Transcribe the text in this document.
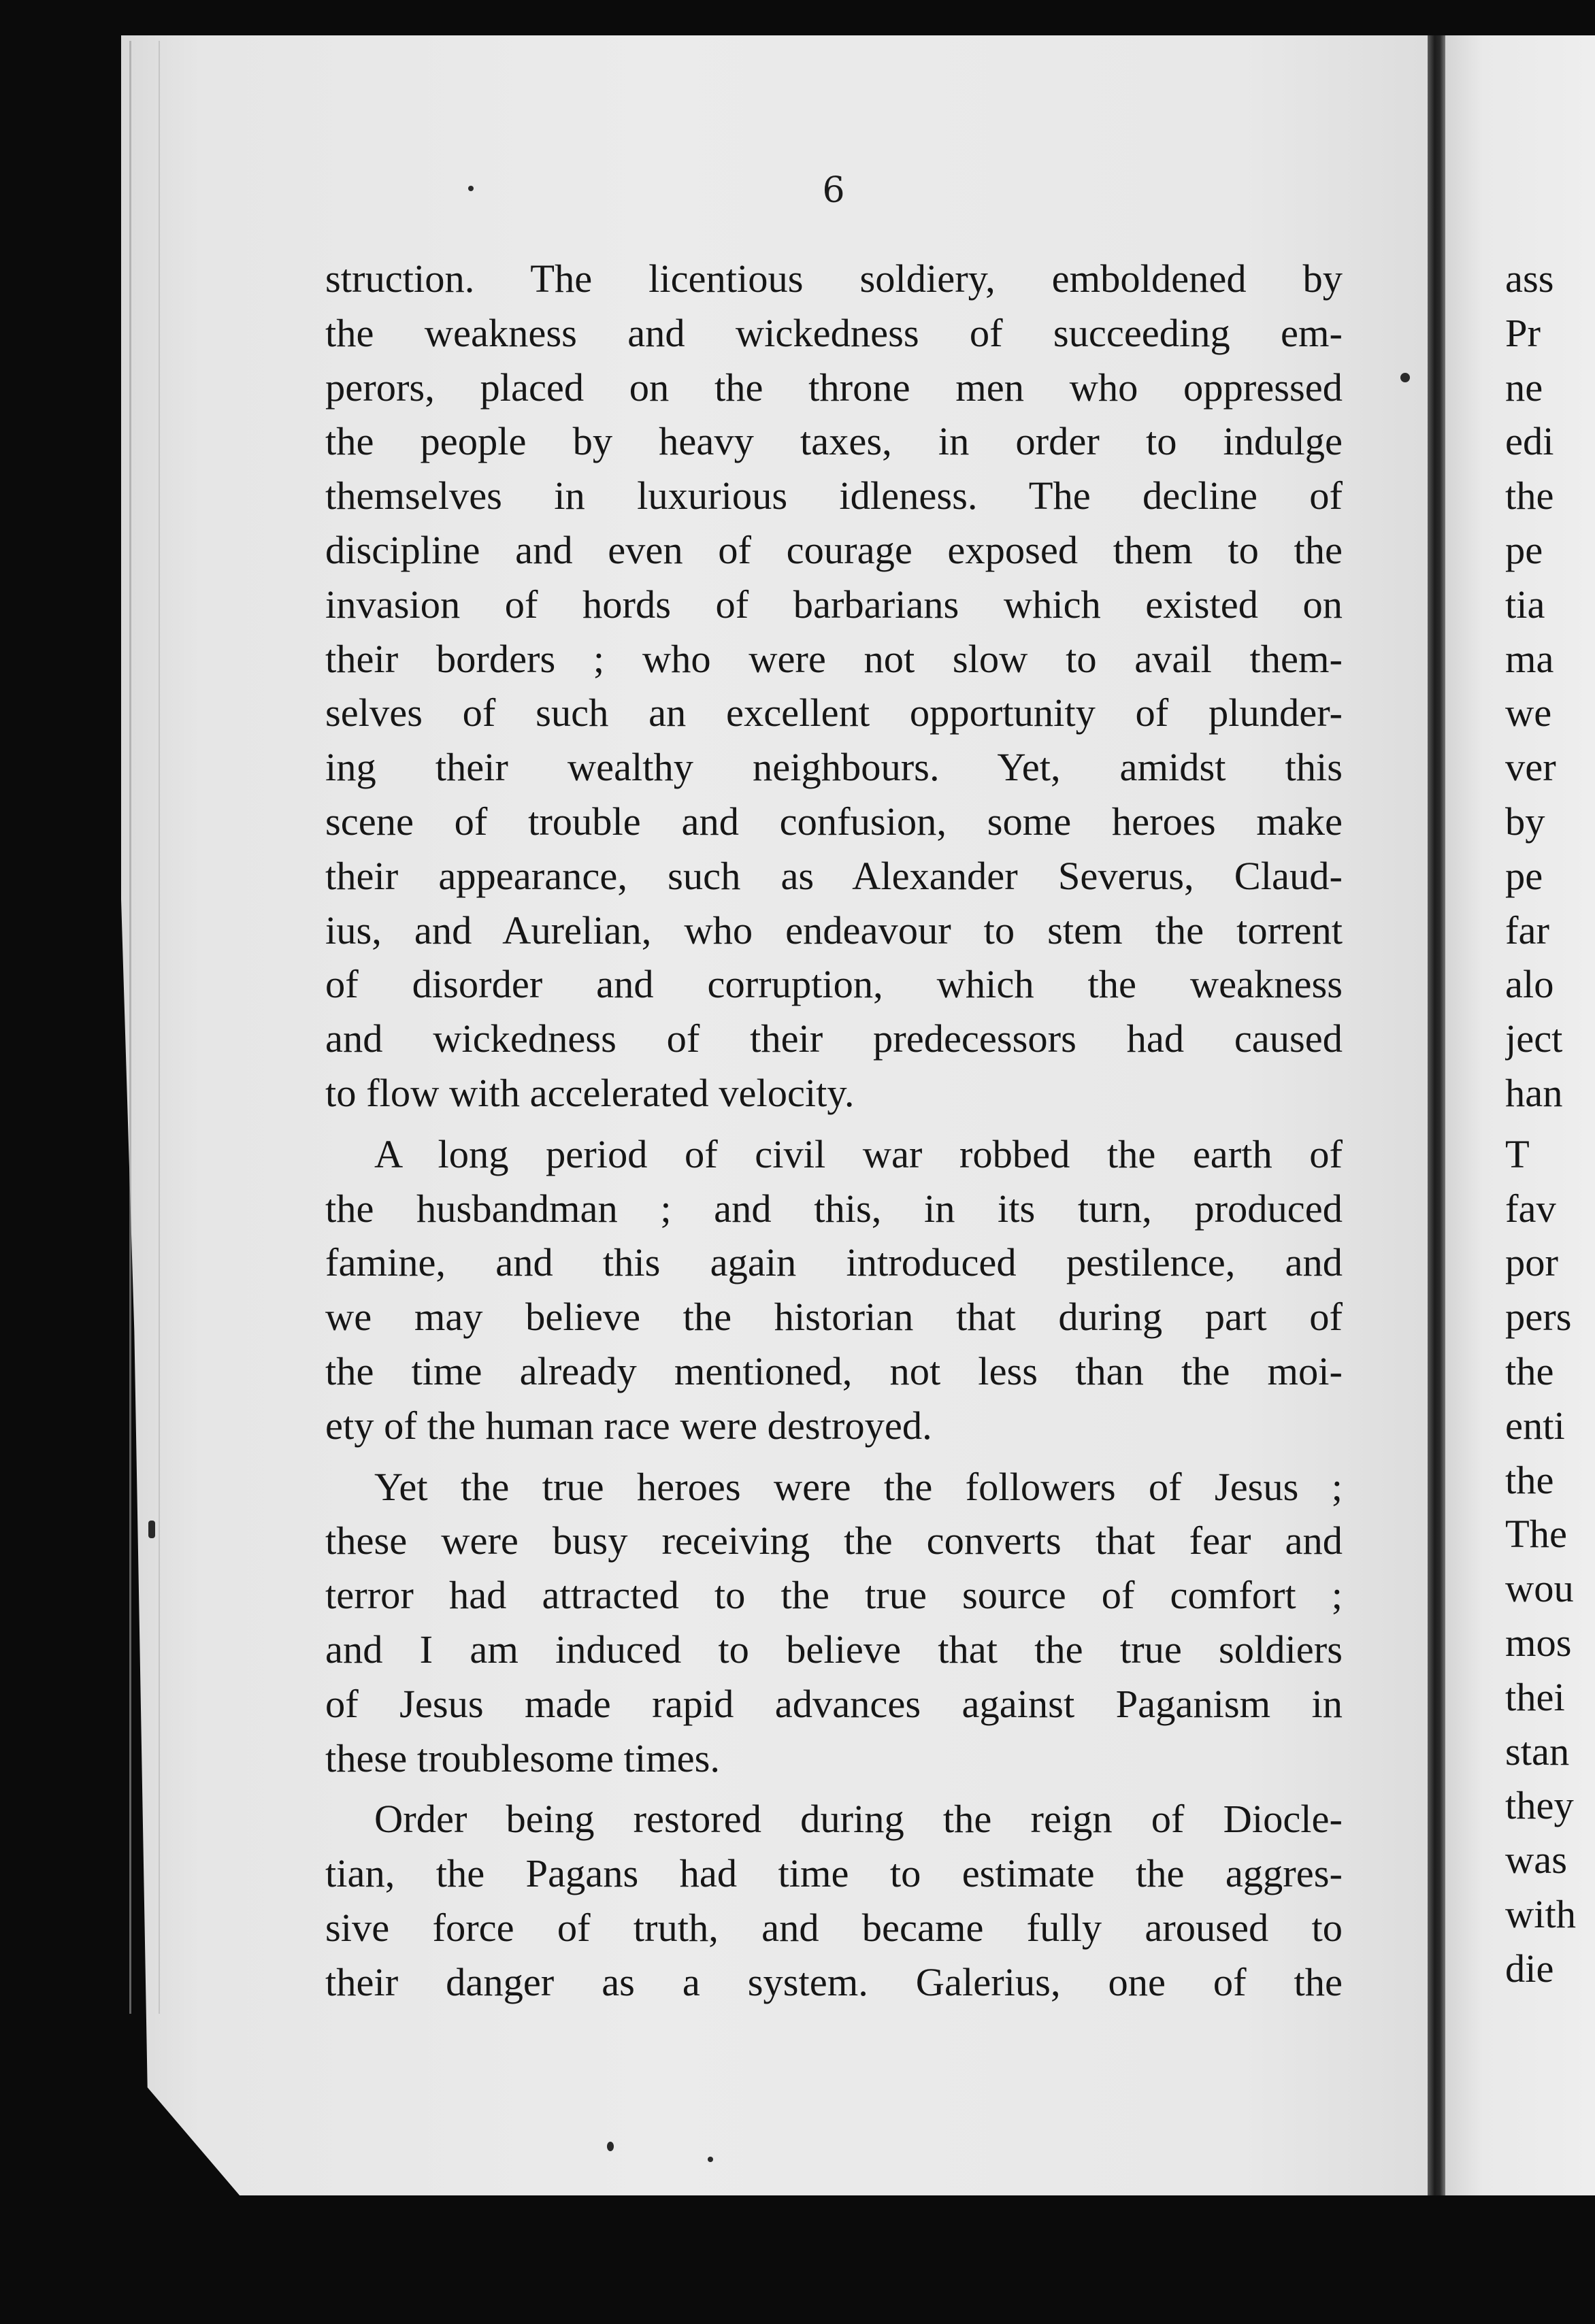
6
struction. The licentious soldiery, emboldened by
the weakness and wickedness of succeeding em-
perors, placed on the throne men who oppressed
the people by heavy taxes, in order to indulge
themselves in luxurious idleness. The decline of
discipline and even of courage exposed them to the
invasion of hords of barbarians which existed on
their borders ; who were not slow to avail them-
selves of such an excellent opportunity of plunder-
ing their wealthy neighbours. Yet, amidst this
scene of trouble and confusion, some heroes make
their appearance, such as Alexander Severus, Claud-
ius, and Aurelian, who endeavour to stem the torrent
of disorder and corruption, which the weakness
and wickedness of their predecessors had caused
to flow with accelerated velocity.
A long period of civil war robbed the earth of
the husbandman ; and this, in its turn, produced
famine, and this again introduced pestilence, and
we may believe the historian that during part of
the time already mentioned, not less than the moi-
ety of the human race were destroyed.
Yet the true heroes were the followers of Jesus ;
these were busy receiving the converts that fear and
terror had attracted to the true source of comfort ;
and I am induced to believe that the true soldiers
of Jesus made rapid advances against Paganism in
these troublesome times.
Order being restored during the reign of Diocle-
tian, the Pagans had time to estimate the aggres-
sive force of truth, and became fully aroused to
their danger as a system. Galerius, one of the
ass
Pr
ne
edi
the
pe
tia
ma
we
ver
by
pe
far
alo
ject
han
T
fav
por
pers
the
enti
the
The
wou
mos
thei
stan
they
was
with
die
